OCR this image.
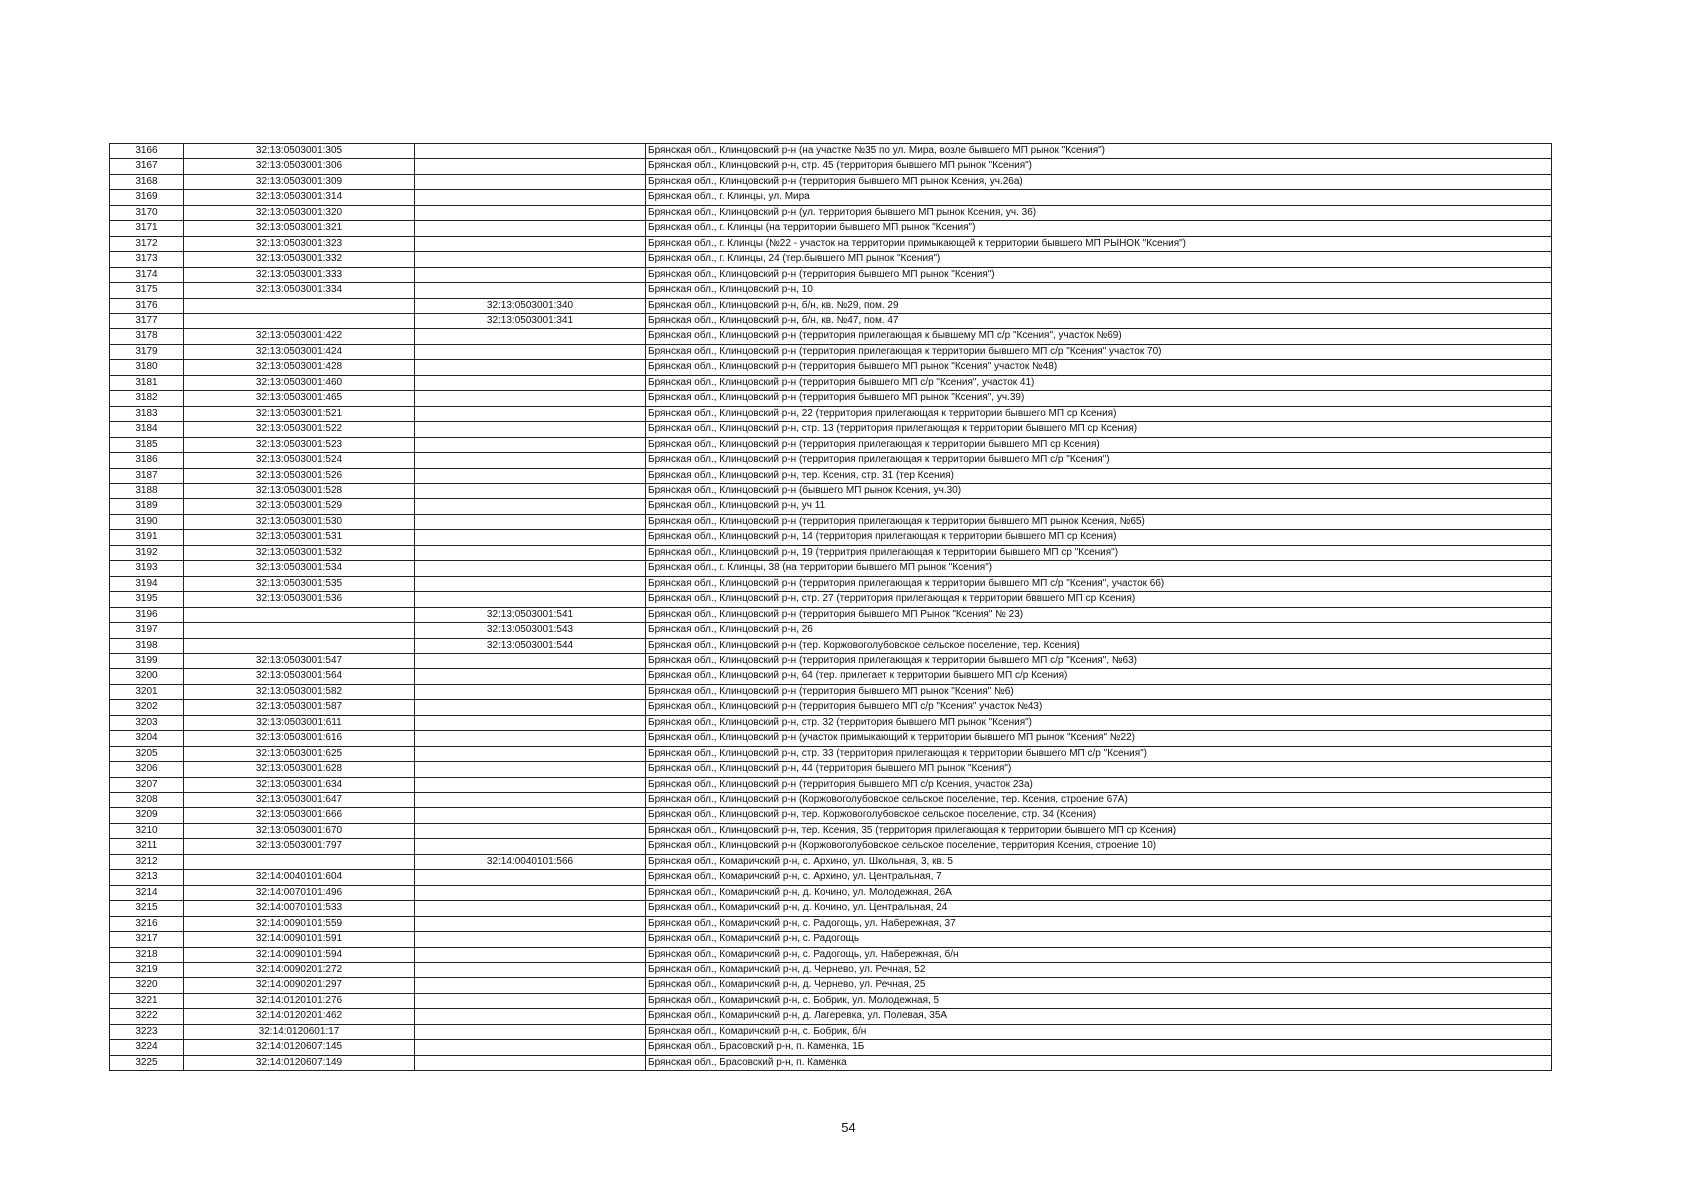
3166	32:13:0503001:305		Брянская обл., Клинцовский р-н (на участке №35 по ул. Мира, возле бывшего МП рынок "Ксения")
3167	32:13:0503001:306		Брянская обл., Клинцовский р-н, стр. 45 (территория бывшего МП рынок "Ксения")
3168	32:13:0503001:309		Брянская обл., Клинцовский р-н (территория бывшего МП рынок Ксения, уч.26а)
3169	32:13:0503001:314		Брянская обл., г. Клинцы, ул. Мира
3170	32:13:0503001:320		Брянская обл., Клинцовский р-н (ул. территория бывшего МП рынок Ксения, уч. 36)
3171	32:13:0503001:321		Брянская обл., г. Клинцы (на территории бывшего МП рынок "Ксения")
3172	32:13:0503001:323		Брянская обл., г. Клинцы (№22 - участок на территории примыкающей к территории бывшего МП РЫНОК "Ксения")
3173	32:13:0503001:332		Брянская обл., г. Клинцы, 24 (тер.бывшего МП рынок "Ксения")
3174	32:13:0503001:333		Брянская обл., Клинцовский р-н (территория бывшего МП рынок "Ксения")
3175	32:13:0503001:334		Брянская обл., Клинцовский р-н, 10
3176		32:13:0503001:340	Брянская обл., Клинцовский р-н, б/н, кв. №29, пом. 29
3177		32:13:0503001:341	Брянская обл., Клинцовский р-н, б/н, кв. №47, пом. 47
3178	32:13:0503001:422		Брянская обл., Клинцовский р-н (территория прилегающая к бывшему МП с/р "Ксения", участок №69)
3179	32:13:0503001:424		Брянская обл., Клинцовский р-н (территория прилегающая к территории бывшего МП с/р "Ксения" участок 70)
3180	32:13:0503001:428		Брянская обл., Клинцовский р-н (территория бывшего МП рынок "Ксения" участок №48)
3181	32:13:0503001:460		Брянская обл., Клинцовский р-н (территория бывшего МП с/р "Ксения", участок 41)
3182	32:13:0503001:465		Брянская обл., Клинцовский р-н (территория бывшего МП рынок "Ксения", уч.39)
3183	32:13:0503001:521		Брянская обл., Клинцовский р-н, 22 (территория прилегающая к территории бывшего МП ср Ксения)
3184	32:13:0503001:522		Брянская обл., Клинцовский р-н, стр. 13 (территория прилегающая к территории бывшего МП ср Ксения)
3185	32:13:0503001:523		Брянская обл., Клинцовский р-н (территория прилегающая к территории бывшего МП ср Ксения)
3186	32:13:0503001:524		Брянская обл., Клинцовский р-н (территория прилегающая к территории бывшего МП с/р "Ксения")
3187	32:13:0503001:526		Брянская обл., Клинцовский р-н, тер. Ксения, стр. 31 (тер Ксения)
3188	32:13:0503001:528		Брянская обл., Клинцовский р-н (бывшего МП рынок Ксения, уч.30)
3189	32:13:0503001:529		Брянская обл., Клинцовский р-н, уч 11
3190	32:13:0503001:530		Брянская обл., Клинцовский р-н (территория прилегающая к территории бывшего МП рынок Ксения, №65)
3191	32:13:0503001:531		Брянская обл., Клинцовский р-н, 14 (территория прилегающая к территории бывшего МП ср Ксения)
3192	32:13:0503001:532		Брянская обл., Клинцовский р-н, 19 (территрия прилегающая к территории бывшего МП ср "Ксения")
3193	32:13:0503001:534		Брянская обл., г. Клинцы, 38 (на территории бывшего МП рынок "Ксения")
3194	32:13:0503001:535		Брянская обл., Клинцовский р-н (территория прилегающая к территории бывшего МП с/р "Ксения", участок 66)
3195	32:13:0503001:536		Брянская обл., Клинцовский р-н, стр. 27 (территория прилегающая к территории бввшего МП ср Ксения)
3196		32:13:0503001:541	Брянская обл., Клинцовский р-н (территория бывшего МП Рынок "Ксения" № 23)
3197		32:13:0503001:543	Брянская обл., Клинцовский р-н, 26
3198		32:13:0503001:544	Брянская обл., Клинцовский р-н (тер. Коржовоголубовское сельское поселение, тер. Ксения)
3199	32:13:0503001:547		Брянская обл., Клинцовский р-н (территория прилегающая к территории бывшего МП с/р "Ксения", №63)
3200	32:13:0503001:564		Брянская обл., Клинцовский р-н, 64 (тер. прилегает к территории бывшего МП с/р Ксения)
3201	32:13:0503001:582		Брянская обл., Клинцовский р-н (территория бывшего МП рынок "Ксения" №6)
3202	32:13:0503001:587		Брянская обл., Клинцовский р-н (территория бывшего МП с/р "Ксения" участок №43)
3203	32:13:0503001:611		Брянская обл., Клинцовский р-н, стр. 32 (территория бывшего МП рынок "Ксения")
3204	32:13:0503001:616		Брянская обл., Клинцовский р-н (участок примыкающий к территории бывшего МП рынок "Ксения" №22)
3205	32:13:0503001:625		Брянская обл., Клинцовский р-н, стр. 33 (территория прилегающая к территории бывшего МП с/р "Ксения")
3206	32:13:0503001:628		Брянская обл., Клинцовский р-н, 44 (территория бывшего МП рынок "Ксения")
3207	32:13:0503001:634		Брянская обл., Клинцовский р-н (территория бывшего МП с/р Ксения, участок 23а)
3208	32:13:0503001:647		Брянская обл., Клинцовский р-н (Коржовоголубовское сельское поселение, тер. Ксения, строение 67А)
3209	32:13:0503001:666		Брянская обл., Клинцовский р-н, тер. Коржовоголубовское сельское поселение, стр. 34 (Ксения)
3210	32:13:0503001:670		Брянская обл., Клинцовский р-н, тер. Ксения, 35 (территория прилегающая к территории бывшего МП ср Ксения)
3211	32:13:0503001:797		Брянская обл., Клинцовский р-н (Коржовоголубовское сельское поселение, территория Ксения, строение 10)
3212		32:14:0040101:566	Брянская обл., Комаричский р-н, с. Архино, ул. Школьная, 3, кв. 5
3213	32:14:0040101:604		Брянская обл., Комаричский р-н, с. Архино, ул. Центральная, 7
3214	32:14:0070101:496		Брянская обл., Комаричский р-н, д. Кочино, ул. Молодежная, 26А
3215	32:14:0070101:533		Брянская обл., Комаричский р-н, д. Кочино, ул. Центральная, 24
3216	32:14:0090101:559		Брянская обл., Комаричский р-н, с. Радогощь, ул. Набережная, 37
3217	32:14:0090101:591		Брянская обл., Комаричский р-н, с. Радогощь
3218	32:14:0090101:594		Брянская обл., Комаричский р-н, с. Радогощь, ул. Набережная, б/н
3219	32:14:0090201:272		Брянская обл., Комаричский р-н, д. Чернево, ул. Речная, 52
3220	32:14:0090201:297		Брянская обл., Комаричский р-н, д. Чернево, ул. Речная, 25
3221	32:14:0120101:276		Брянская обл., Комаричский р-н, с. Бобрик, ул. Молодежная, 5
3222	32:14:0120201:462		Брянская обл., Комаричский р-н, д. Лагеревка, ул. Полевая, 35А
3223	32:14:0120601:17		Брянская обл., Комаричский р-н, с. Бобрик, б/н
3224	32:14:0120607:145		Брянская обл., Брасовский р-н, п. Каменка, 1Б
3225	32:14:0120607:149		Брянская обл., Брасовский р-н, п. Каменка
54
